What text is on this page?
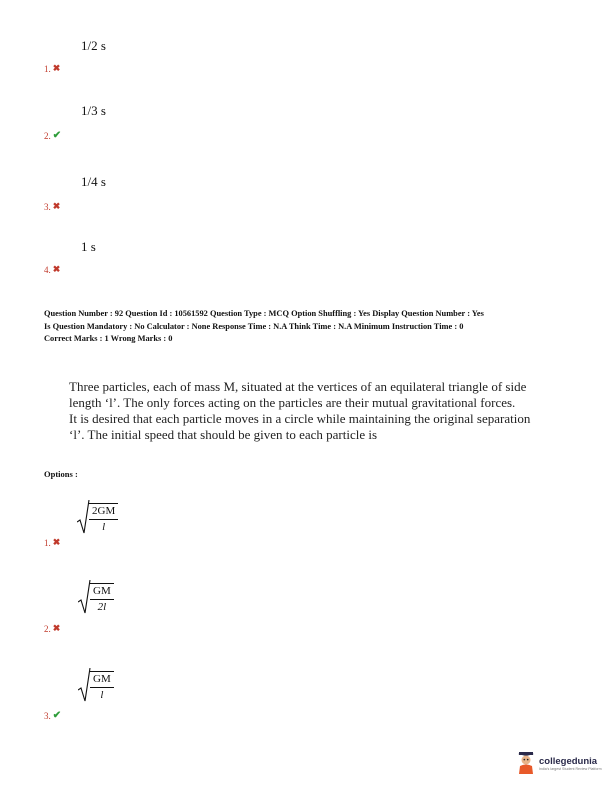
1/2 s
1. ✖
1/3 s
2. ✔
1/4 s
3. ✖
1 s
4. ✖
Question Number : 92 Question Id : 10561592 Question Type : MCQ Option Shuffling : Yes Display Question Number : Yes
Is Question Mandatory : No Calculator : None Response Time : N.A Think Time : N.A Minimum Instruction Time : 0
Correct Marks : 1 Wrong Marks : 0
Three particles, each of mass M, situated at the vertices of an equilateral triangle of side
length ‘l’. The only forces acting on the particles are their mutual gravitational forces.
It is desired that each particle moves in a circle while maintaining the original separation
‘l’. The initial speed that should be given to each particle is
Options :
$\frac{2GM}{l}$
1. ✖
$\frac{GM}{2l}$
2. ✖
$\frac{GM}{l}$
3. ✔
collegedunia
India's largest Student Review Platform
